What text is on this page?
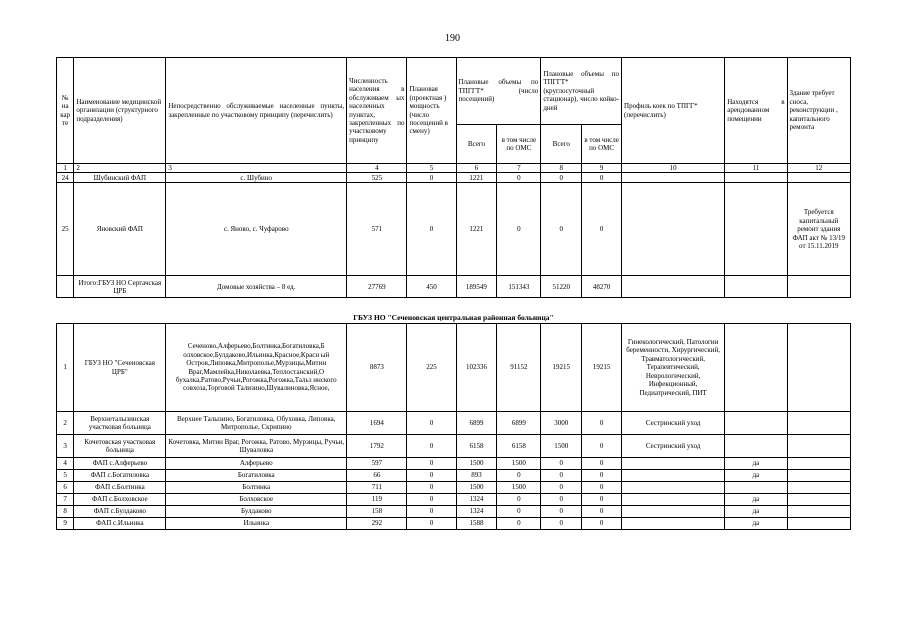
190
№ на кар те	Наименование медицинской организации (структурного подразделения)	Непосредственно обслуживаемые населенные пункты, закрепленные по участковому принципу (перечислить)	Численность населения в обслуживаем ых населенных пунктах, закрепленных по участковому принципу	Плановая (проектная ) мощность (число посещений в смену)	Плановые объемы по ТПГГТ* (число посещений)		Плановые объемы по ТПГГТ* (круглосуточный стационар), число койко-дней		Профиль коек по ТПГГ* (перечислить)	Находятся в арендованном помещении	Здание требует сноса, реконструкции , капитального ремонта
					Всего	в том числе по ОМС	Всего	в том числе по ОМС			
1	2	3	4	5	6	7	8	9	10	11	12
24	Шубинский ФАП	с. Шубино	525	0	1221	0	0	0			
25	Яновский ФАП	с. Яново, с. Чуфарово	571	0	1221	0	0	0			Требуется капитальный ремонт здания ФАП акт № 13/19 от 15.11.2019
	Итого:ГБУЗ НО Сергачская ЦРБ	Домовые хозяйства – 8 ед.	27769	450	189549	151343	51220	48270			
ГБУЗ НО "Сеченовская центральная районная больница"
1	ГБУЗ НО "Сеченовская ЦРБ"	Сеченово,Алферьево,Болтинка,Богатиловка,Б олховское,Булдаково,Ильинка,Красное,Красн ый Остров,Липовка,Митрополье,Мурзицы,Митин Враг,Мамлейка,Николаевка,Теплостанский,О бухалка,Ратово,Ручьи,Рогожка,Рогожка,Тальз инского совхоза,Торговой Тализино,Шувалиновка,Ясное,	8873	225	102336	91152	19215	19215	Гинекологический, Патологии беременности, Хирургический, Травматологический, Терапевтический, Неврологический, Инфекционный, Педиатрический, ПИТ		
2	Верхнеталызинская участковая больница	Верхнее Талызино, Богатиловка, Обуховка, Липовка, Митрополье, Скрипино	1694	0	6899	6899	3000	0	Сестринский уход		
3	Кочетовская участковая больница	Кочетовка, Митин Враг, Рогожка, Ратово, Мурзицы, Ручьи, Шуваловка	1792	0	6158	6158	1500	0	Сестринский уход		
4	ФАП с.Алферьево	Алферьево	597	0	1500	1500	0	0		да	
5	ФАП с.Богатиловка	Богатиловка	66	0	893	0	0	0		да	
6	ФАП с.Болтинка	Болтинка	711	0	1500	1500	0	0			
7	ФАП с.Болховское	Болховское	119	0	1324	0	0	0		да	
8	ФАП с.Булдаково	Булдаково	158	0	1324	0	0	0		да	
9	ФАП с.Ильинка	Ильинка	292	0	1588	0	0	0		да	
